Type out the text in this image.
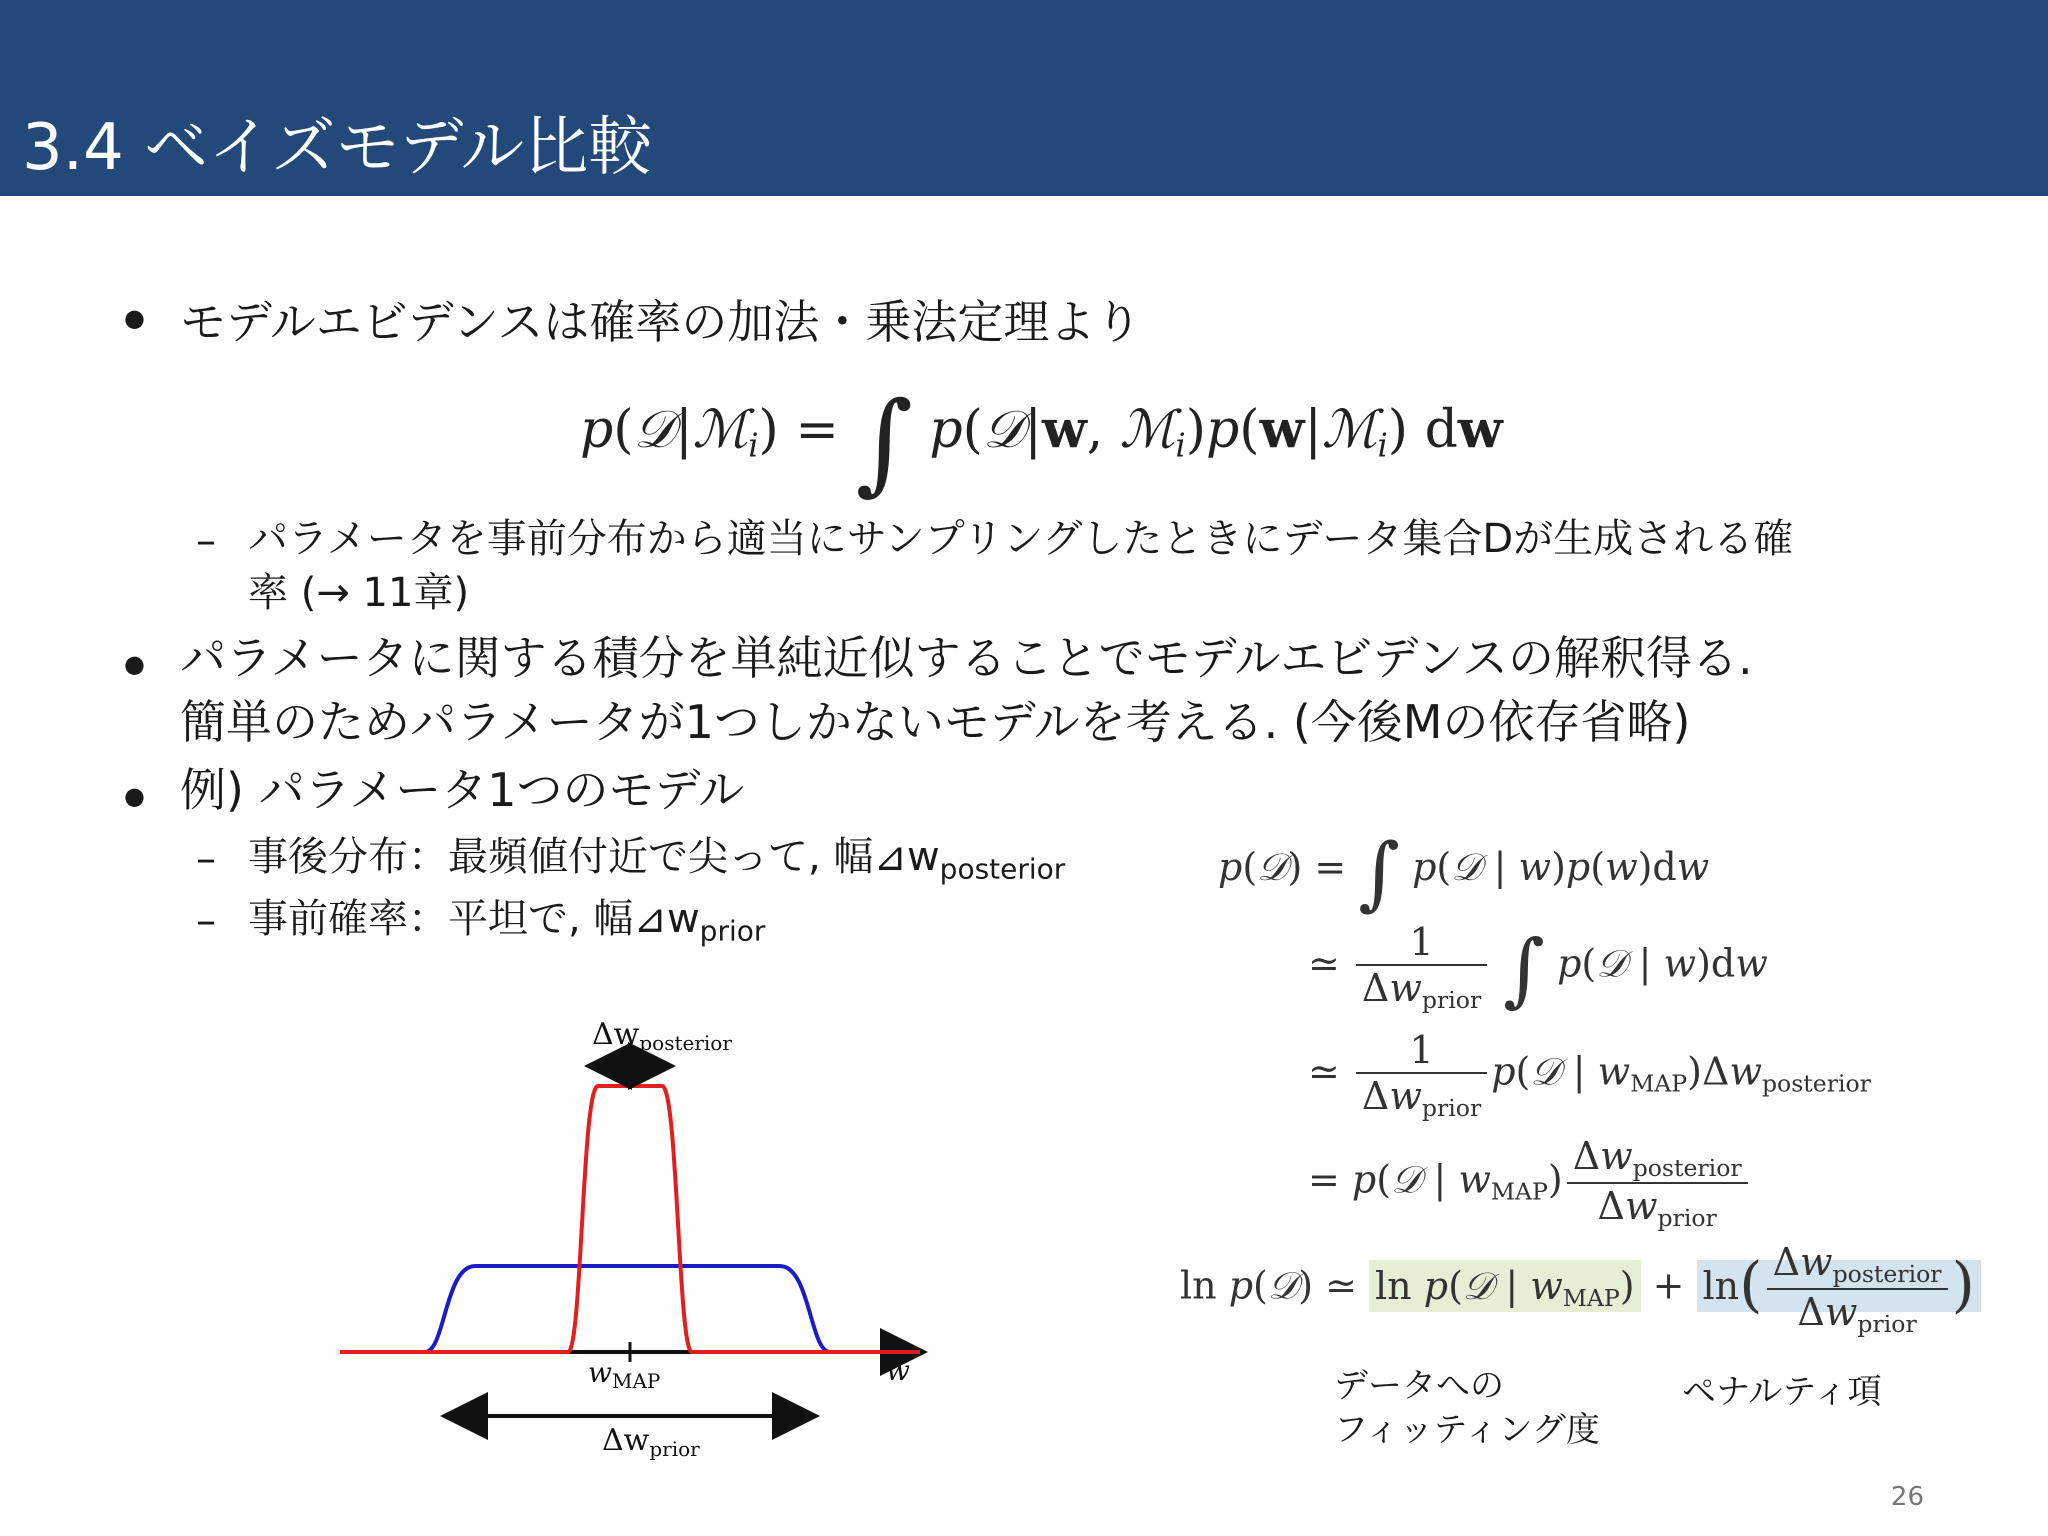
3.4 ベイズモデル比較
● モデルエビデンスは確率の加法・乗法定理より
p(𝒟|ℳ$_i$) = ∫ p(𝒟|w, ℳ$_i$)p(w|ℳ$_i$) dw
– パラメータを事前分布から適当にサンプリングしたときにデータ集合Dが生成される確
率 (→ 11章)
● パラメータに関する積分を単純近似することでモデルエビデンスの解釈得る.
簡単のためパラメータが1つしかないモデルを考える. (今後Mの依存省略)
● 例) パラメータ1つのモデル
– 事後分布：最頻値付近で尖って, 幅$⊿w_{posterior}$
– 事前確率：平坦で, 幅$⊿w_{prior}$
$\Delta w_{posterior}$
$w_{MAP}$	w
$\Delta w_{prior}$
p(𝒟) = ∫ p(𝒟 | w)p(w)dw
≃ $\frac{1}{\Delta w_{prior}}$ ∫ p(𝒟 | w)dw
≃ $\frac{1}{\Delta w_{prior}}$ p(𝒟 | $w_{MAP})\Delta w_{posterior}$
= p(𝒟 | $w_{MAP}) \frac{\Delta w_{posterior}}{\Delta w_{prior}}$
ln p(𝒟) ≃ ln p(𝒟 | $w_{MAP}) + \ln( \frac{\Delta w_{posterior}}{\Delta w_{prior}}$ )
データへの
フィッティング度
ペナルティ項
26
